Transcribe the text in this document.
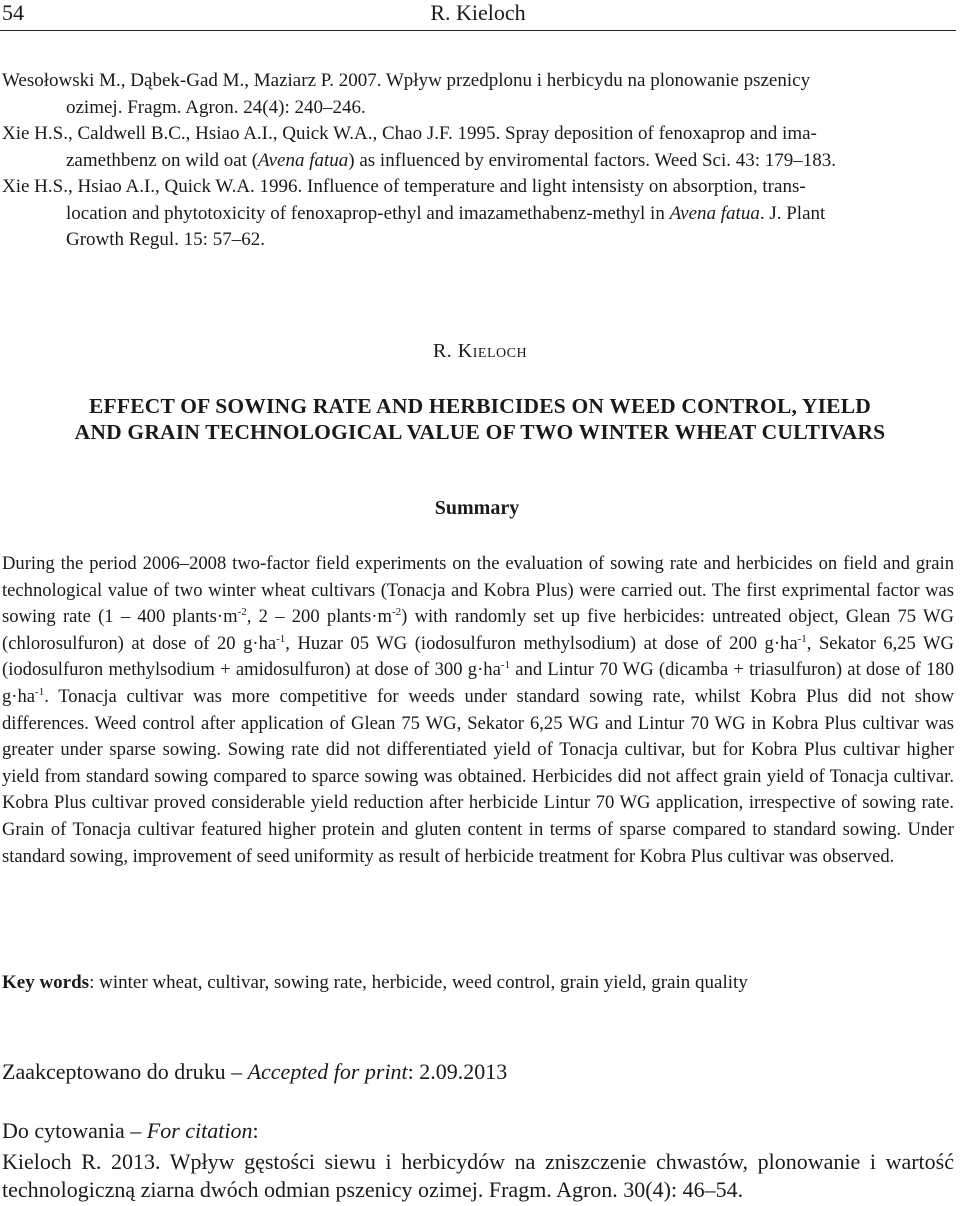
54	R. Kieloch

Wesołowski M., Dąbek-Gad M., Maziarz P. 2007. Wpływ przedplonu i herbicydu na plonowanie pszenicy
ozimej. Fragm. Agron. 24(4): 240–246.

Xie H.S., Caldwell B.C., Hsiao A.I., Quick W.A., Chao J.F. 1995. Spray deposition of fenoxaprop and ima-
zamethbenz on wild oat (Avena fatua) as influenced by enviromental factors. Weed Sci. 43: 179–183.

Xie H.S., Hsiao A.I., Quick W.A. 1996. Influence of temperature and light intensisty on absorption, trans-
location and phytotoxicity of fenoxaprop-ethyl and imazamethabenz-methyl in Avena fatua. J. Plant
Growth Regul. 15: 57–62.

R. Kieloch
EFFECT OF SOWING RATE AND HERBICIDES ON WEED CONTROL, YIELD
AND GRAIN TECHNOLOGICAL VALUE OF TWO WINTER WHEAT CULTIVARS
Summary
During the period 2006–2008 two-factor field experiments on the evaluation of sowing rate and herbicides on field and grain technological value of two winter wheat cultivars (Tonacja and Kobra Plus) were carried out. The first exprimental factor was sowing rate (1 – 400 $plants\cdot m^{-2}$, 2 – 200 $plants\cdot m^{-2}$) with randomly set up five herbicides: untreated object, Glean 75 WG (chlorosulfuron) at dose of 20 $g\cdot ha^{-1}$, Huzar 05 WG (iodosulfuron methylsodium) at dose of 200 $g\cdot ha^{-1}$, Sekator 6,25 WG (iodosulfuron methylsodium + amidosulfuron) at dose of 300 $g\cdot ha^{-1}$ and Lintur 70 WG (dicamba + triasulfuron) at dose of 180 $g\cdot ha^{-1}$. Tonacja cultivar was more competitive for weeds under standard sowing rate, whilst Kobra Plus did not show differences. Weed control after application of Glean 75 WG, Sekator 6,25 WG and Lintur 70 WG in Kobra Plus cultivar was greater under sparse sowing. Sowing rate did not differentiated yield of Tonacja cultivar, but for Kobra Plus cultivar higher yield from standard sowing compared to sparce sowing was obtained. Herbicides did not affect grain yield of Tonacja cultivar. Kobra Plus cultivar proved considerable yield reduction after herbicide Lintur 70 WG application, irrespective of sowing rate. Grain of Tonacja cultivar featured higher protein and gluten content in terms of sparse compared to standard sowing. Under standard sowing, improvement of seed uniformity as result of herbicide treatment for Kobra Plus cultivar was observed.
Key words: winter wheat, cultivar, sowing rate, herbicide, weed control, grain yield, grain quality
Zaakceptowano do druku – Accepted for print: 2.09.2013
Do cytowania – For citation:
Kieloch R. 2013. Wpływ gęstości siewu i herbicydów na zniszczenie chwastów, plonowanie i wartość technologiczną ziarna dwóch odmian pszenicy ozimej. Fragm. Agron. 30(4): 46–54.
